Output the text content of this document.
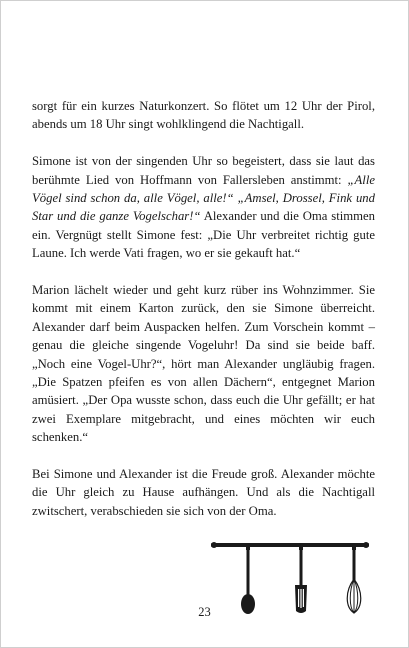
sorgt für ein kurzes Naturkonzert. So flötet um 12 Uhr der Pirol, abends um 18 Uhr singt wohlklingend die Nachtigall.

Simone ist von der singenden Uhr so begeistert, dass sie laut das berühmte Lied von Hoffmann von Fallersleben anstimmt: „Alle Vögel sind schon da, alle Vögel, alle!“ „Amsel, Drossel, Fink und Star und die ganze Vogelschar!“ Alexander und die Oma stimmen ein. Vergnügt stellt Simone fest: „Die Uhr verbreitet richtig gute Laune. Ich werde Vati fragen, wo er sie gekauft hat.“

Marion lächelt wieder und geht kurz rüber ins Wohnzimmer. Sie kommt mit einem Karton zurück, den sie Simone überreicht. Alexander darf beim Auspacken helfen. Zum Vorschein kommt – genau die gleiche singende Vogeluhr! Da sind sie beide baff. „Noch eine Vogel-Uhr?“, hört man Alexander ungläubig fragen. „Die Spatzen pfeifen es von allen Dächern“, entgegnet Marion amüsiert. „Der Opa wusste schon, dass euch die Uhr gefällt; er hat zwei Exemplare mitgebracht, und eines möchten wir euch schenken.“

Bei Simone und Alexander ist die Freude groß. Alexander möchte die Uhr gleich zu Hause aufhängen. Und als die Nachtigall zwitschert, verabschieden sie sich von der Oma.

23
